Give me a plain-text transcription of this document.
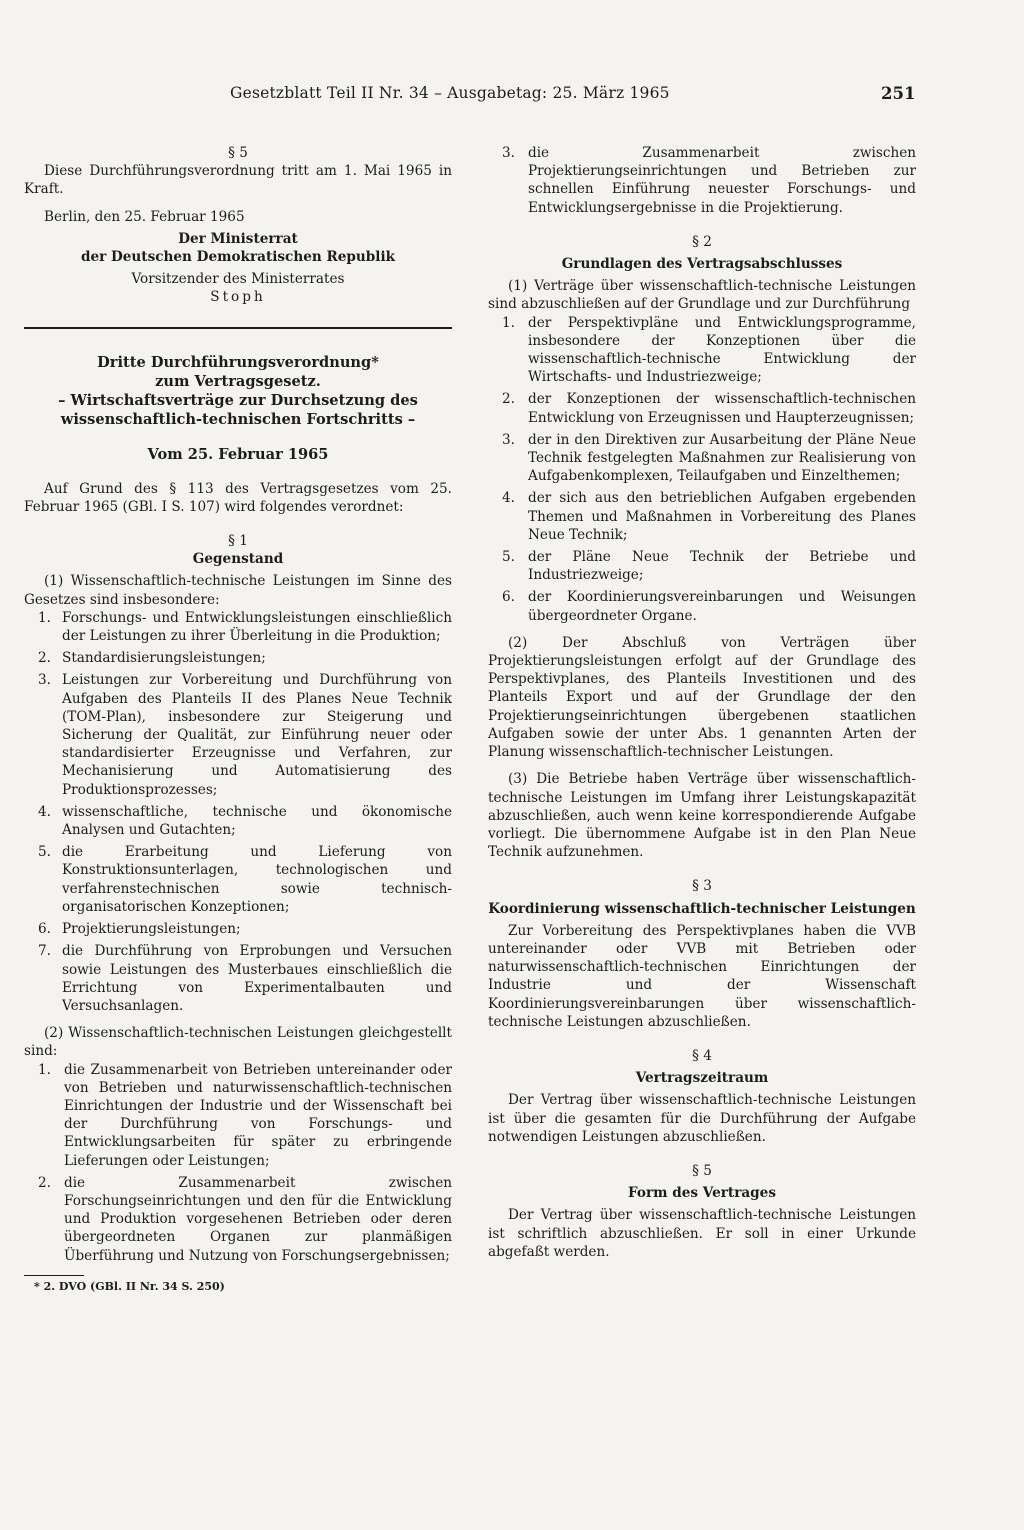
Gesetzblatt Teil II Nr. 34 – Ausgabetag: 25. März 1965	251

§ 5

Diese Durchführungsverordnung tritt am 1. Mai 1965 in Kraft.

Berlin, den 25. Februar 1965

Der Ministerrat

der Deutschen Demokratischen Republik

Vorsitzender des Ministerrates

Stoph

Dritte Durchführungsverordnung*

zum Vertragsgesetz.

– Wirtschaftsverträge zur Durchsetzung des

wissenschaftlich-technischen Fortschritts –

Vom 25. Februar 1965

Auf Grund des § 113 des Vertragsgesetzes vom 25. Februar 1965 (GBl. I S. 107) wird folgendes verordnet:

§ 1

Gegenstand

(1) Wissenschaftlich-technische Leistungen im Sinne des Gesetzes sind insbesondere:

1. Forschungs- und Entwicklungsleistungen einschließlich der Leistungen zu ihrer Überleitung in die Produktion;
2. Standardisierungsleistungen;
3. Leistungen zur Vorbereitung und Durchführung von Aufgaben des Planteils II des Planes Neue Technik (TOM-Plan), insbesondere zur Steigerung und Sicherung der Qualität, zur Einführung neuer oder standardisierter Erzeugnisse und Verfahren, zur Mechanisierung und Automatisierung des Produktionsprozesses;
4. wissenschaftliche, technische und ökonomische Analysen und Gutachten;
5. die Erarbeitung und Lieferung von Konstruktionsunterlagen, technologischen und verfahrenstechnischen sowie technisch-organisatorischen Konzeptionen;
6. Projektierungsleistungen;
7. die Durchführung von Erprobungen und Versuchen sowie Leistungen des Musterbaues einschließlich die Errichtung von Experimentalbauten und Versuchsanlagen.

(2) Wissenschaftlich-technischen Leistungen gleichgestellt sind:

1. die Zusammenarbeit von Betrieben untereinander oder von Betrieben und naturwissenschaftlich-technischen Einrichtungen der Industrie und der Wissenschaft bei der Durchführung von Forschungs- und Entwicklungsarbeiten für später zu erbringende Lieferungen oder Leistungen;
2. die Zusammenarbeit zwischen Forschungseinrichtungen und den für die Entwicklung und Produktion vorgesehenen Betrieben oder deren übergeordneten Organen zur planmäßigen Überführung und Nutzung von Forschungsergebnissen;

* 2. DVO (GBl. II Nr. 34 S. 250)

3. die Zusammenarbeit zwischen Projektierungseinrichtungen und Betrieben zur schnellen Einführung neuester Forschungs- und Entwicklungsergebnisse in die Projektierung.

§ 2

Grundlagen des Vertragsabschlusses

(1) Verträge über wissenschaftlich-technische Leistungen sind abzuschließen auf der Grundlage und zur Durchführung

1. der Perspektivpläne und Entwicklungsprogramme, insbesondere der Konzeptionen über die wissenschaftlich-technische Entwicklung der Wirtschafts- und Industriezweige;
2. der Konzeptionen der wissenschaftlich-technischen Entwicklung von Erzeugnissen und Haupterzeugnissen;
3. der in den Direktiven zur Ausarbeitung der Pläne Neue Technik festgelegten Maßnahmen zur Realisierung von Aufgabenkomplexen, Teilaufgaben und Einzelthemen;
4. der sich aus den betrieblichen Aufgaben ergebenden Themen und Maßnahmen in Vorbereitung des Planes Neue Technik;
5. der Pläne Neue Technik der Betriebe und Industriezweige;
6. der Koordinierungsvereinbarungen und Weisungen übergeordneter Organe.

(2) Der Abschluß von Verträgen über Projektierungsleistungen erfolgt auf der Grundlage des Perspektivplanes, des Planteils Investitionen und des Planteils Export und auf der Grundlage der den Projektierungseinrichtungen übergebenen staatlichen Aufgaben sowie der unter Abs. 1 genannten Arten der Planung wissenschaftlich-technischer Leistungen.

(3) Die Betriebe haben Verträge über wissenschaftlich-technische Leistungen im Umfang ihrer Leistungskapazität abzuschließen, auch wenn keine korrespondierende Aufgabe vorliegt. Die übernommene Aufgabe ist in den Plan Neue Technik aufzunehmen.

§ 3

Koordinierung wissenschaftlich-technischer Leistungen

Zur Vorbereitung des Perspektivplanes haben die VVB untereinander oder VVB mit Betrieben oder naturwissenschaftlich-technischen Einrichtungen der Industrie und der Wissenschaft Koordinierungsvereinbarungen über wissenschaftlich-technische Leistungen abzuschließen.

§ 4

Vertragszeitraum

Der Vertrag über wissenschaftlich-technische Leistungen ist über die gesamten für die Durchführung der Aufgabe notwendigen Leistungen abzuschließen.

§ 5

Form des Vertrages

Der Vertrag über wissenschaftlich-technische Leistungen ist schriftlich abzuschließen. Er soll in einer Urkunde abgefaßt werden.
